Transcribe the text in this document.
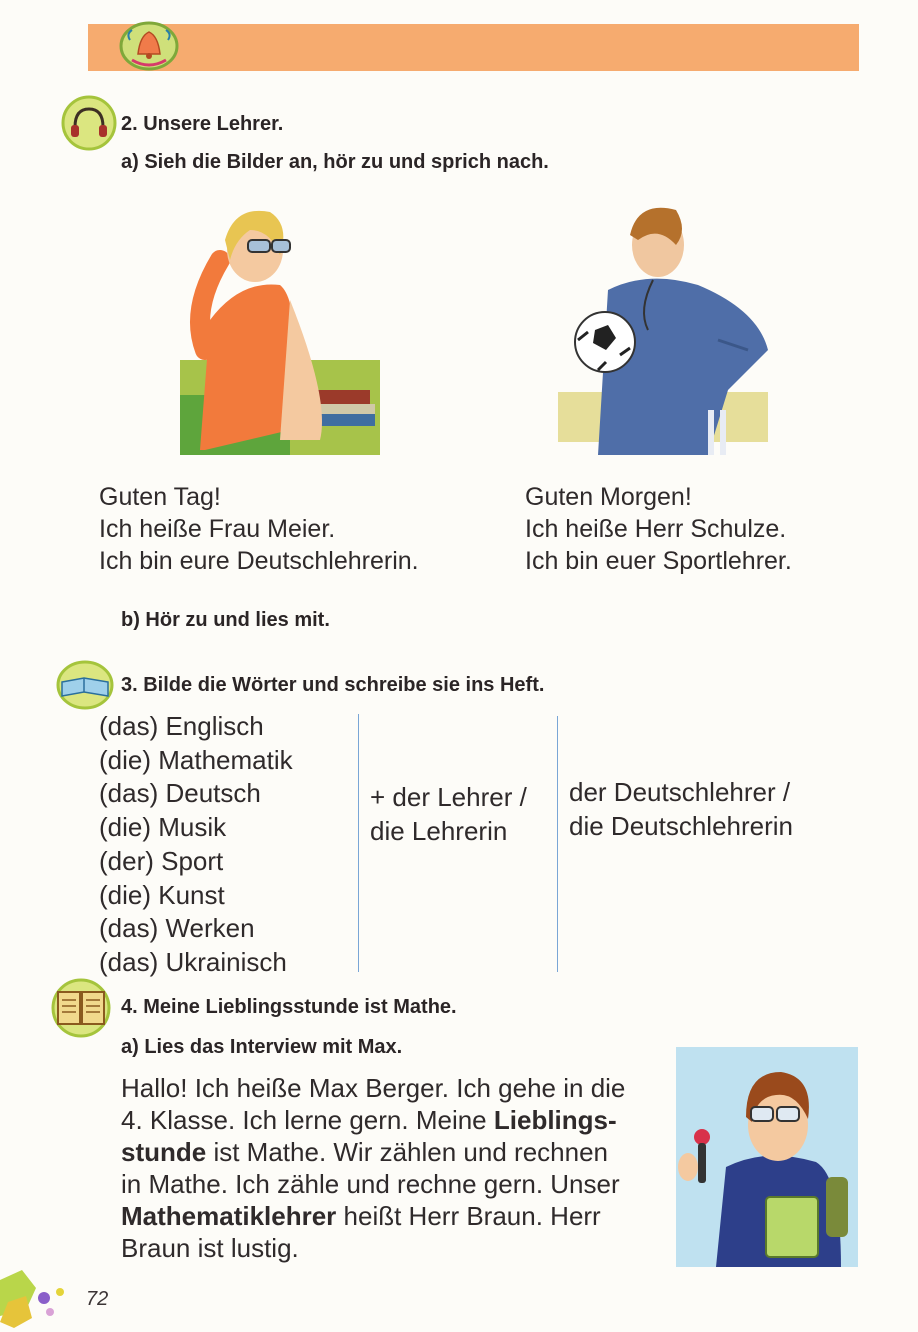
2. Unsere Lehrer.
a) Sieh die Bilder an, hör zu und sprich nach.
Guten Tag!
Ich heiße Frau Meier.
Ich bin eure Deutschlehrerin.
Guten Morgen!
Ich heiße Herr Schulze.
Ich bin euer Sportlehrer.
b) Hör zu und lies mit.
3. Bilde die Wörter und schreibe sie ins Heft.
(das) Englisch
(die) Mathematik
(das) Deutsch
(die) Musik
(der) Sport
(die) Kunst
(das) Werken
(das) Ukrainisch
+ der Lehrer /
die Lehrerin
der Deutschlehrer /
die Deutschlehrerin
4. Meine Lieblingsstunde ist Mathe.
a) Lies das Interview mit Max.
Hallo! Ich heiße Max Berger. Ich gehe in die
4. Klasse. Ich lerne gern. Meine Lieblings-
stunde ist Mathe. Wir zählen und rechnen
in Mathe. Ich zähle und rechne gern. Unser
Mathematiklehrer heißt Herr Braun. Herr
Braun ist lustig.
72
